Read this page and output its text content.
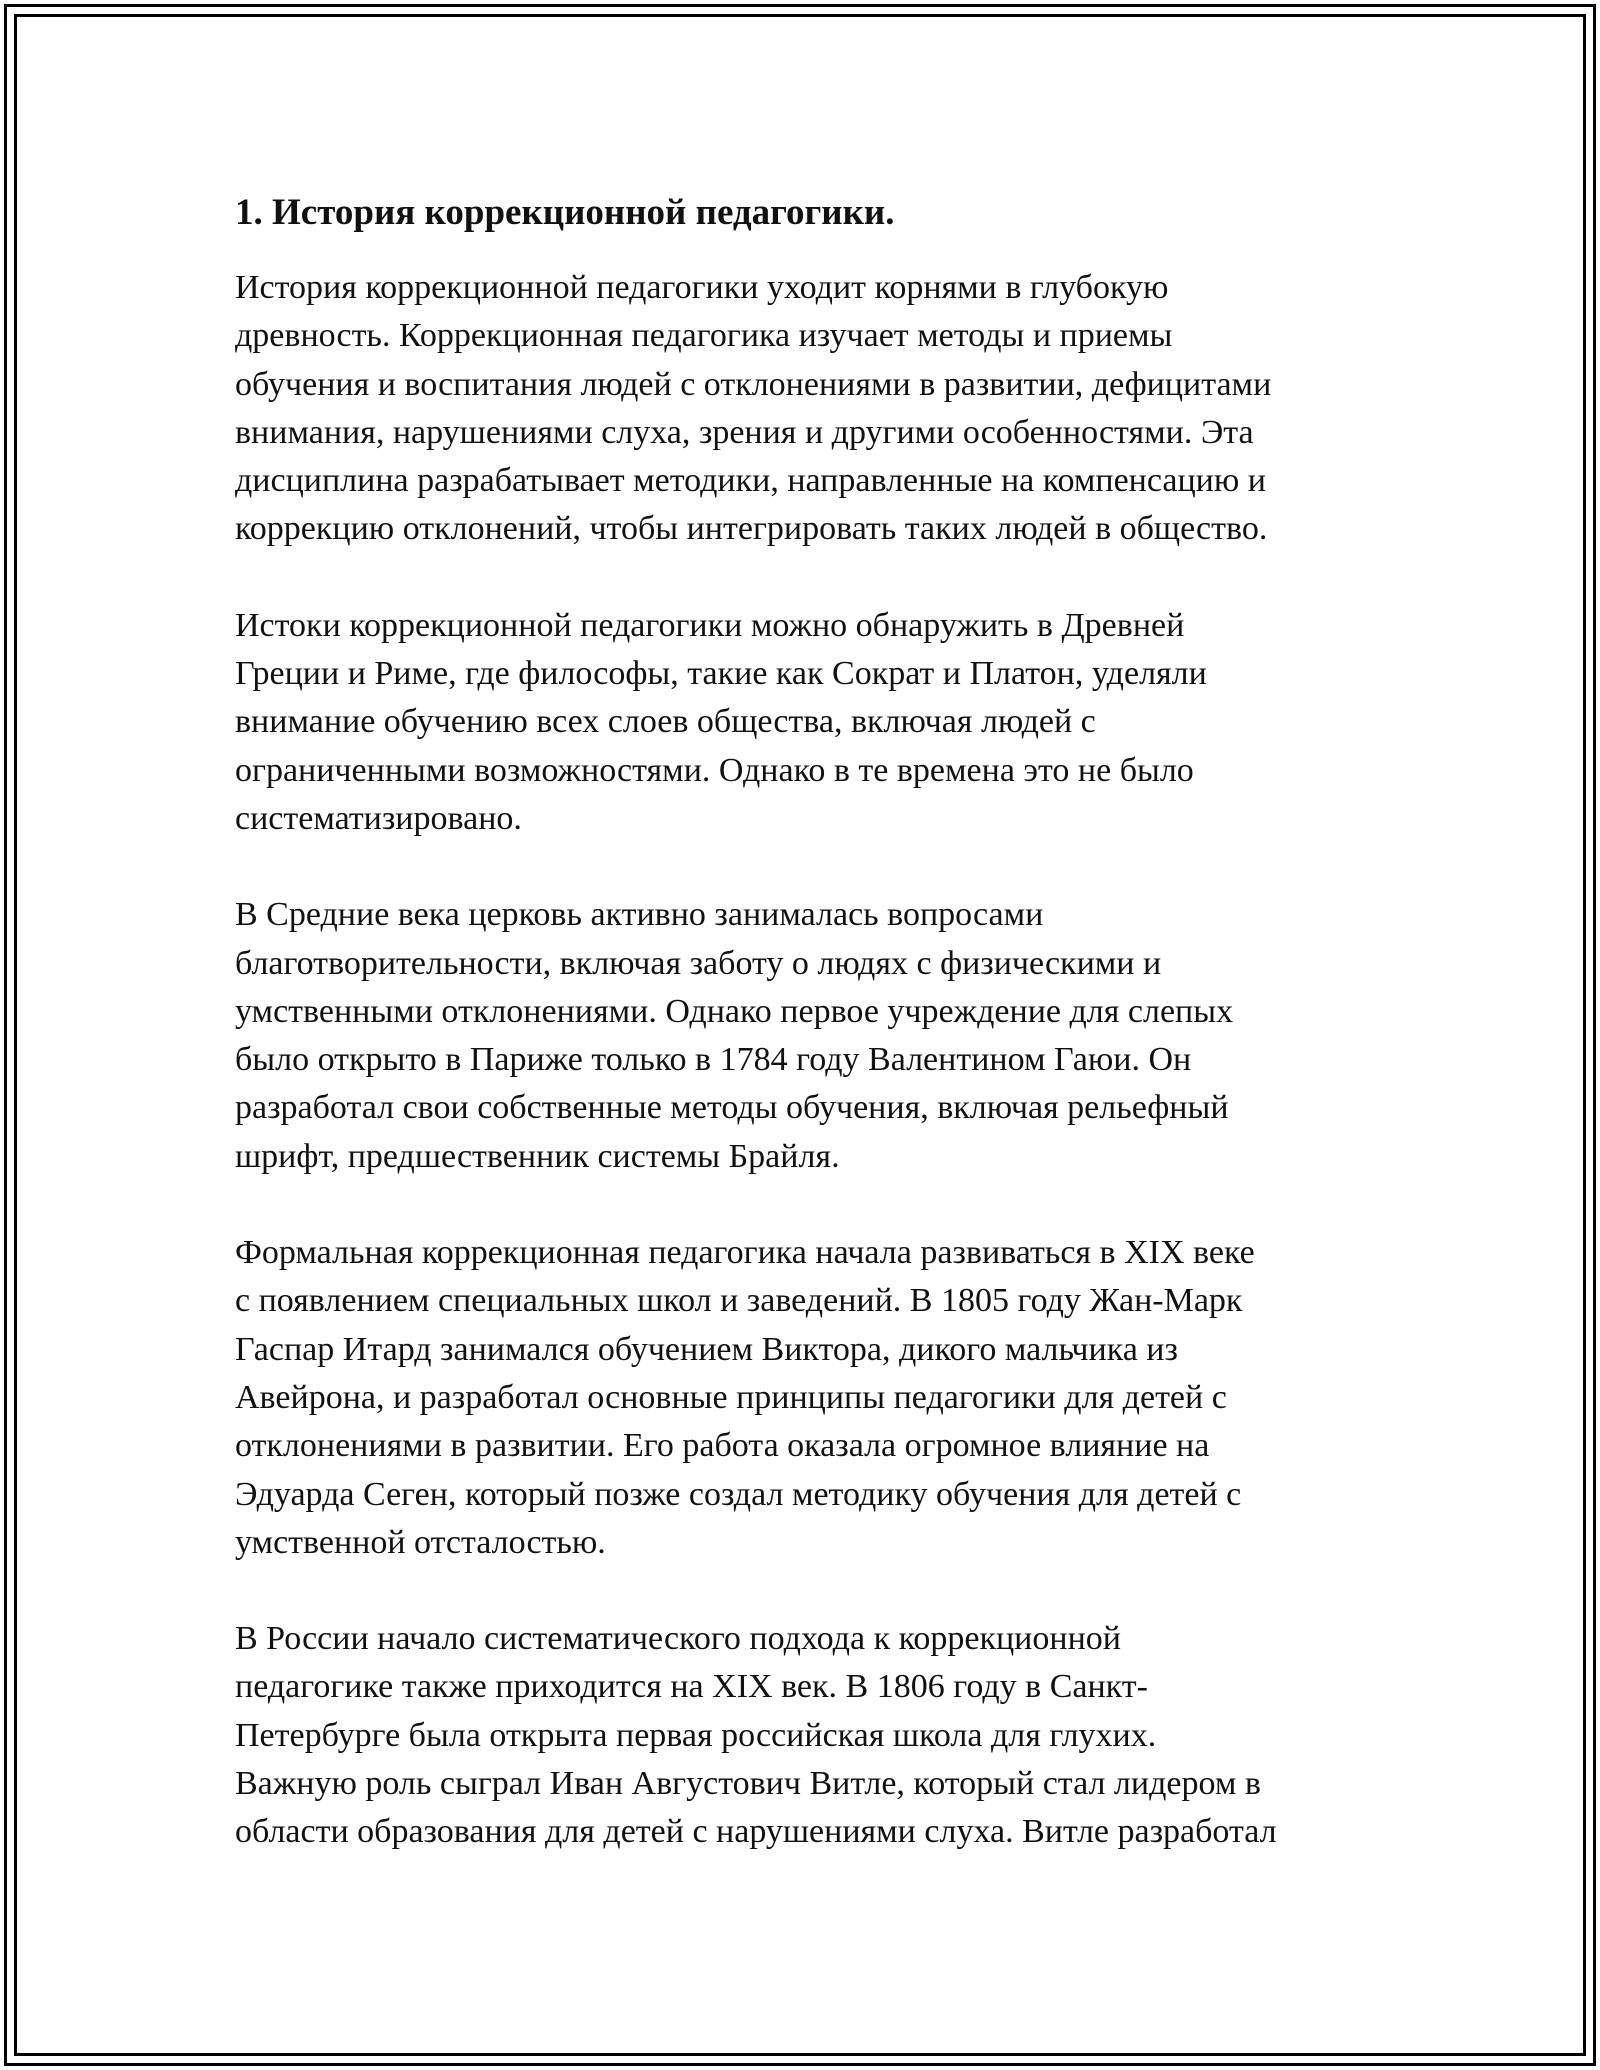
1. История коррекционной педагогики.

История коррекционной педагогики уходит корнями в глубокую
древность. Коррекционная педагогика изучает методы и приемы
обучения и воспитания людей с отклонениями в развитии, дефицитами
внимания, нарушениями слуха, зрения и другими особенностями. Эта
дисциплина разрабатывает методики, направленные на компенсацию и
коррекцию отклонений, чтобы интегрировать таких людей в общество.

Истоки коррекционной педагогики можно обнаружить в Древней
Греции и Риме, где философы, такие как Сократ и Платон, уделяли
внимание обучению всех слоев общества, включая людей с
ограниченными возможностями. Однако в те времена это не было
систематизировано.

В Средние века церковь активно занималась вопросами
благотворительности, включая заботу о людях с физическими и
умственными отклонениями. Однако первое учреждение для слепых
было открыто в Париже только в 1784 году Валентином Гаюи. Он
разработал свои собственные методы обучения, включая рельефный
шрифт, предшественник системы Брайля.

Формальная коррекционная педагогика начала развиваться в XIX веке
с появлением специальных школ и заведений. В 1805 году Жан-Марк
Гаспар Итард занимался обучением Виктора, дикого мальчика из
Авейрона, и разработал основные принципы педагогики для детей с
отклонениями в развитии. Его работа оказала огромное влияние на
Эдуарда Сеген, который позже создал методику обучения для детей с
умственной отсталостью.

В России начало систематического подхода к коррекционной
педагогике также приходится на XIX век. В 1806 году в Санкт-
Петербурге была открыта первая российская школа для глухих.
Важную роль сыграл Иван Августович Витле, который стал лидером в
области образования для детей с нарушениями слуха. Витле разработал
